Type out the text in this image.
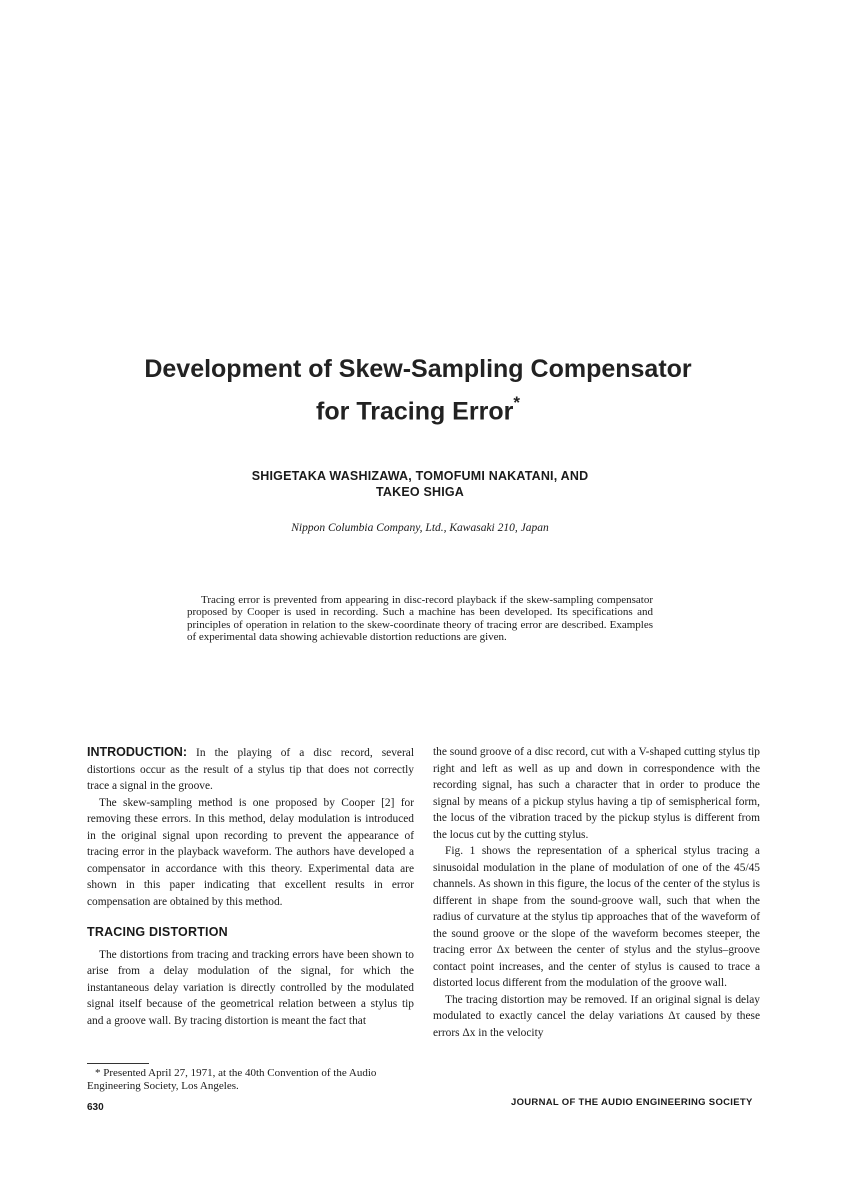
Development of Skew-Sampling Compensator
for Tracing Error*
SHIGETAKA WASHIZAWA, TOMOFUMI NAKATANI, AND
TAKEO SHIGA
Nippon Columbia Company, Ltd., Kawasaki 210, Japan
Tracing error is prevented from appearing in disc-record playback if the skew-sampling compensator proposed by Cooper is used in recording. Such a machine has been developed. Its specifications and principles of operation in relation to the skew-coordinate theory of tracing error are described. Examples of experimental data showing achievable distortion reductions are given.

INTRODUCTION: In the playing of a disc record, several distortions occur as the result of a stylus tip that does not correctly trace a signal in the groove.

The skew-sampling method is one proposed by Cooper [2] for removing these errors. In this method, delay modulation is introduced in the original signal upon recording to prevent the appearance of tracing error in the playback waveform. The authors have developed a compensator in accordance with this theory. Experimental data are shown in this paper indicating that excellent results in error compensation are obtained by this method.

TRACING DISTORTION

The distortions from tracing and tracking errors have been shown to arise from a delay modulation of the signal, for which the instantaneous delay variation is directly controlled by the modulated signal itself because of the geometrical relation between a stylus tip and a groove wall. By tracing distortion is meant the fact that

the sound groove of a disc record, cut with a V-shaped cutting stylus tip right and left as well as up and down in correspondence with the recording signal, has such a character that in order to produce the signal by means of a pickup stylus having a tip of semispherical form, the locus of the vibration traced by the pickup stylus is different from the locus cut by the cutting stylus.

Fig. 1 shows the representation of a spherical stylus tracing a sinusoidal modulation in the plane of modulation of one of the 45/45 channels. As shown in this figure, the locus of the center of the stylus is different in shape from the sound-groove wall, such that when the radius of curvature at the stylus tip approaches that of the waveform of the sound groove or the slope of the waveform becomes steeper, the tracing error Δx between the center of stylus and the stylus–groove contact point increases, and the center of stylus is caused to trace a distorted locus different from the modulation of the groove wall.

The tracing distortion may be removed. If an original signal is delay modulated to exactly cancel the delay variations Δτ caused by these errors Δx in the velocity

* Presented April 27, 1971, at the 40th Convention of the Audio Engineering Society, Los Angeles.
630	JOURNAL OF THE AUDIO ENGINEERING SOCIETY
